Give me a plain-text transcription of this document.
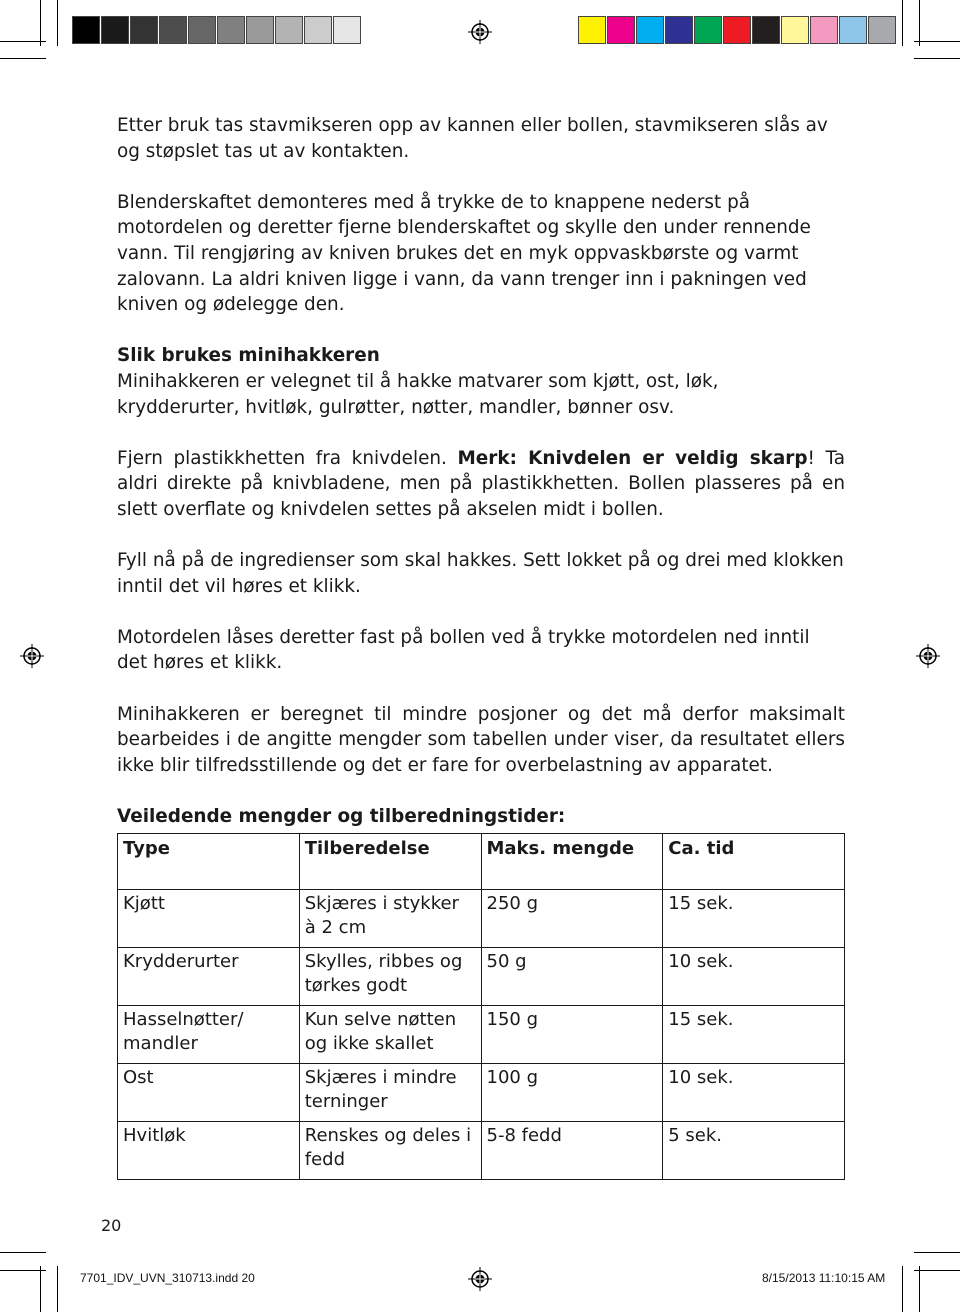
Etter bruk tas stavmikseren opp av kannen eller bollen, stavmikseren slås av og støpslet tas ut av kontakten.

Blenderskaftet demonteres med å trykke de to knappene nederst på motordelen og deretter fjerne blenderskaftet og skylle den under rennende vann. Til rengjøring av kniven brukes det en myk oppvaskbørste og varmt zalovann. La aldri kniven ligge i vann, da vann trenger inn i pakningen ved kniven og ødelegge den.

Slik brukes minihakkeren

Minihakkeren er velegnet til å hakke matvarer som kjøtt, ost, løk, krydderurter, hvitløk, gulrøtter, nøtter, mandler, bønner osv.

Fjern plastikkhetten fra knivdelen. Merk: Knivdelen er veldig skarp! Ta aldri direkte på knivbladene, men på plastikkhetten. Bollen plasseres på en slett overflate og knivdelen settes på akselen midt i bollen.

Fyll nå på de ingredienser som skal hakkes. Sett lokket på og drei med klokken inntil det vil høres et klikk.

Motordelen låses deretter fast på bollen ved å trykke motordelen ned inntil det høres et klikk.

Minihakkeren er beregnet til mindre posjoner og det må derfor maksimalt bearbeides i de angitte mengder som tabellen under viser, da resultatet ellers ikke blir tilfredsstillende og det er fare for overbelastning av apparatet.

Veiledende mengder og tilberedningstider:
Type	Tilberedelse	Maks. mengde	Ca. tid
Kjøtt	Skjæres i stykker à 2 cm	250 g	15 sek.
Krydderurter	Skylles, ribbes og tørkes godt	50 g	10 sek.
Hasselnøtter/ mandler	Kun selve nøtten og ikke skallet	150 g	15 sek.
Ost	Skjæres i mindre terninger	100 g	10 sek.
Hvitløk	Renskes og deles i fedd	5-8 fedd	5 sek.
20
7701_IDV_UVN_310713.indd 20	8/15/2013 11:10:15 AM
